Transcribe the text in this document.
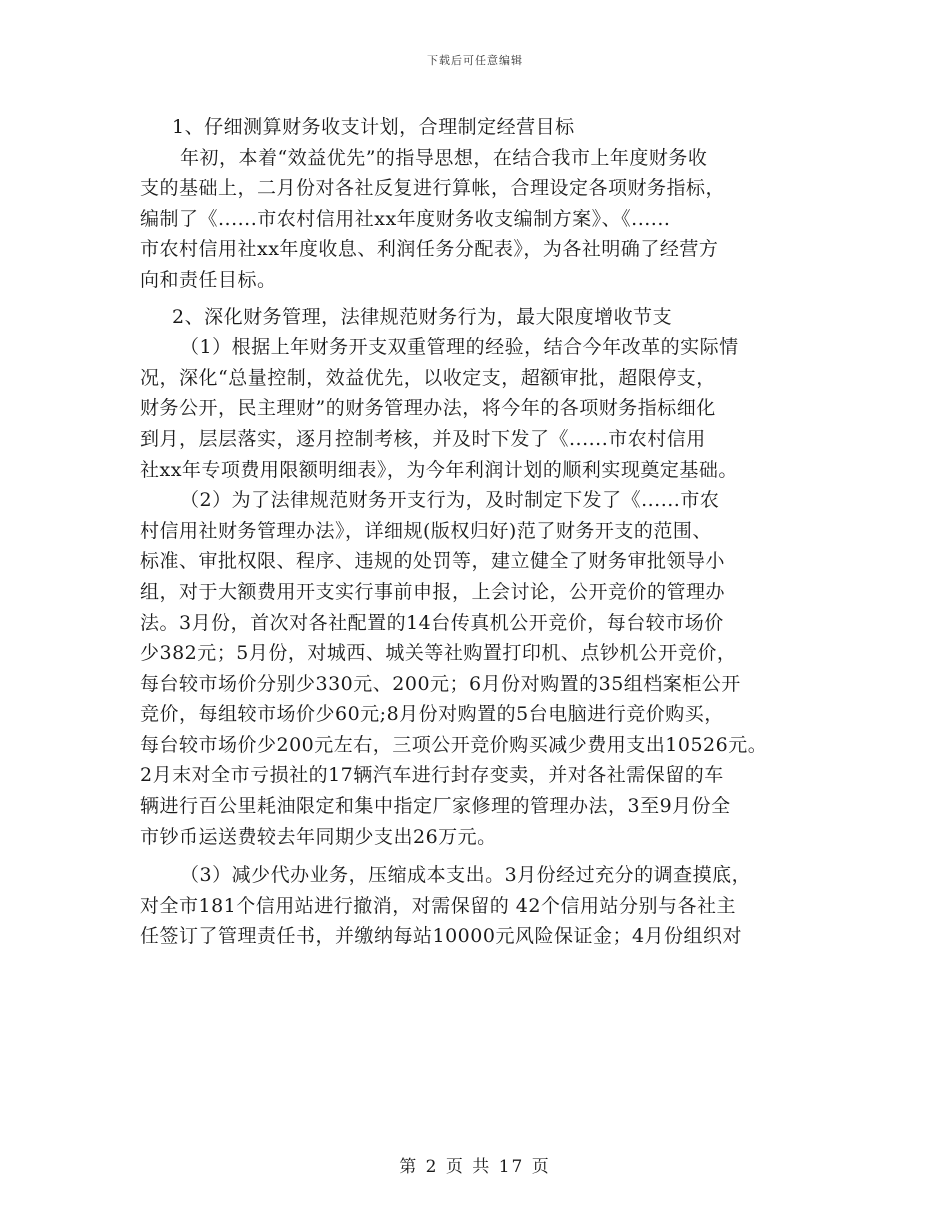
下载后可任意编辑
1、仔细测算财务收支计划，合理制定经营目标
年初，本着“效益优先”的指导思想，在结合我市上年度财务收
支的基础上，二月份对各社反复进行算帐，合理设定各项财务指标，
编制了《......市农村信用社xx年度财务收支编制方案》、《......
市农村信用社xx年度收息、利润任务分配表》，为各社明确了经营方
向和责任目标。
2、深化财务管理，法律规范财务行为，最大限度增收节支
（1）根据上年财务开支双重管理的经验，结合今年改革的实际情
况，深化“总量控制，效益优先，以收定支，超额审批，超限停支，
财务公开，民主理财”的财务管理办法，将今年的各项财务指标细化
到月，层层落实，逐月控制考核，并及时下发了《......市农村信用
社xx年专项费用限额明细表》，为今年利润计划的顺利实现奠定基础。
（2）为了法律规范财务开支行为，及时制定下发了《......市农
村信用社财务管理办法》，详细规(版权归好)范了财务开支的范围、
标准、审批权限、程序、违规的处罚等，建立健全了财务审批领导小
组，对于大额费用开支实行事前申报，上会讨论，公开竞价的管理办
法。3月份，首次对各社配置的14台传真机公开竞价，每台较市场价
少382元；5月份，对城西、城关等社购置打印机、点钞机公开竞价，
每台较市场价分别少330元、200元；6月份对购置的35组档案柜公开
竞价，每组较市场价少60元;8月份对购置的5台电脑进行竞价购买，
每台较市场价少200元左右，三项公开竞价购买减少费用支出10526元。
2月末对全市亏损社的17辆汽车进行封存变卖，并对各社需保留的车
辆进行百公里耗油限定和集中指定厂家修理的管理办法，3至9月份全
市钞币运送费较去年同期少支出26万元。
（3）减少代办业务，压缩成本支出。3月份经过充分的调查摸底，
对全市181个信用站进行撤消，对需保留的 42个信用站分别与各社主
任签订了管理责任书，并缴纳每站10000元风险保证金；4月份组织对
第 2 页 共 17 页
